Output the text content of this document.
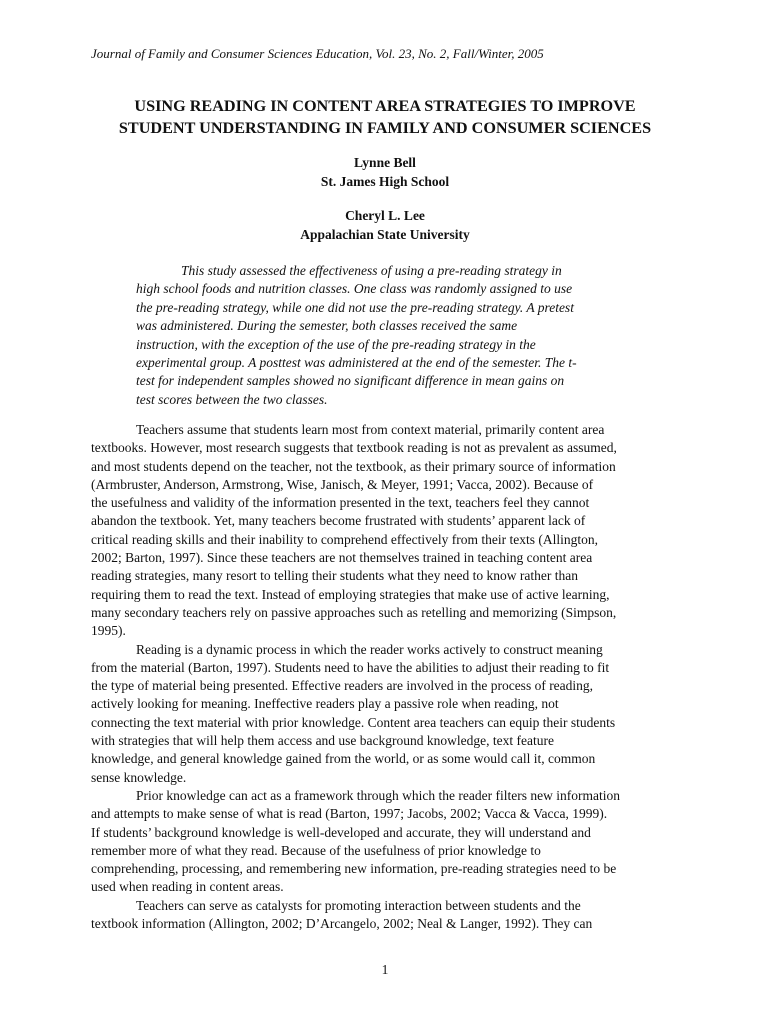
Journal of Family and Consumer Sciences Education, Vol. 23, No. 2, Fall/Winter, 2005
USING READING IN CONTENT AREA STRATEGIES TO IMPROVE
STUDENT UNDERSTANDING IN FAMILY AND CONSUMER SCIENCES
Lynne Bell
St. James High School
Cheryl L. Lee
Appalachian State University
This study assessed the effectiveness of using a pre-reading strategy in
high school foods and nutrition classes. One class was randomly assigned to use
the pre-reading strategy, while one did not use the pre-reading strategy. A pretest
was administered. During the semester, both classes received the same
instruction, with the exception of the use of the pre-reading strategy in the
experimental group. A posttest was administered at the end of the semester. The t-
test for independent samples showed no significant difference in mean gains on
test scores between the two classes.
Teachers assume that students learn most from context material, primarily content area
textbooks. However, most research suggests that textbook reading is not as prevalent as assumed,
and most students depend on the teacher, not the textbook, as their primary source of information
(Armbruster, Anderson, Armstrong, Wise, Janisch, & Meyer, 1991; Vacca, 2002). Because of
the usefulness and validity of the information presented in the text, teachers feel they cannot
abandon the textbook. Yet, many teachers become frustrated with students’ apparent lack of
critical reading skills and their inability to comprehend effectively from their texts (Allington,
2002; Barton, 1997). Since these teachers are not themselves trained in teaching content area
reading strategies, many resort to telling their students what they need to know rather than
requiring them to read the text. Instead of employing strategies that make use of active learning,
many secondary teachers rely on passive approaches such as retelling and memorizing (Simpson,
1995).
Reading is a dynamic process in which the reader works actively to construct meaning
from the material (Barton, 1997). Students need to have the abilities to adjust their reading to fit
the type of material being presented. Effective readers are involved in the process of reading,
actively looking for meaning. Ineffective readers play a passive role when reading, not
connecting the text material with prior knowledge. Content area teachers can equip their students
with strategies that will help them access and use background knowledge, text feature
knowledge, and general knowledge gained from the world, or as some would call it, common
sense knowledge.
Prior knowledge can act as a framework through which the reader filters new information
and attempts to make sense of what is read (Barton, 1997; Jacobs, 2002; Vacca & Vacca, 1999).
If students’ background knowledge is well-developed and accurate, they will understand and
remember more of what they read. Because of the usefulness of prior knowledge to
comprehending, processing, and remembering new information, pre-reading strategies need to be
used when reading in content areas.
Teachers can serve as catalysts for promoting interaction between students and the
textbook information (Allington, 2002; D’Arcangelo, 2002; Neal & Langer, 1992). They can
1
